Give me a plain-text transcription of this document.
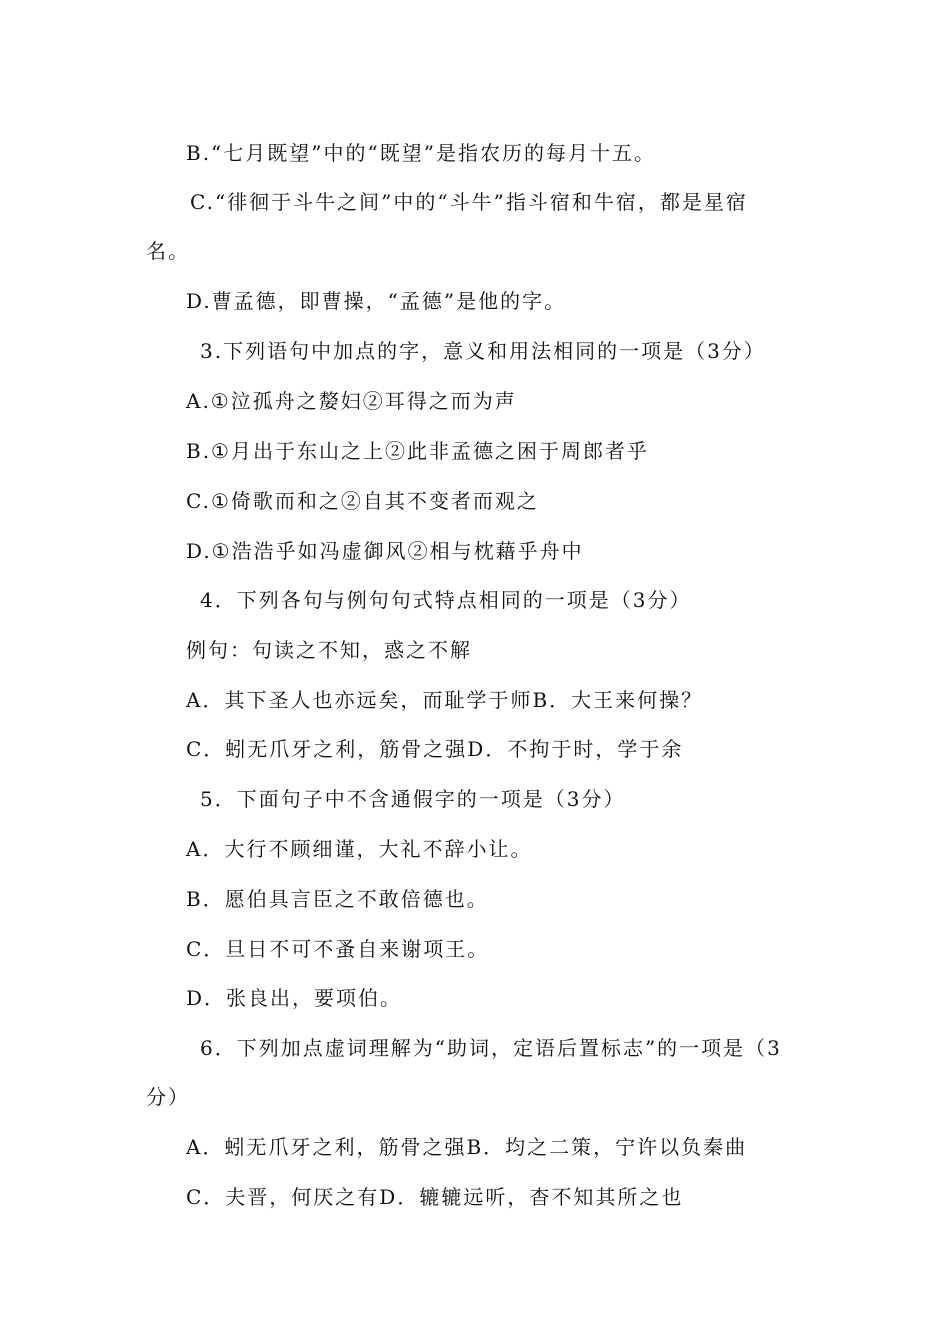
B.“七月既望”中的“既望”是指农历的每月十五。
C.“徘徊于斗牛之间”中的“斗牛”指斗宿和牛宿，都是星宿
名。
D.曹孟德，即曹操，“孟德”是他的字。
3.下列语句中加点的字，意义和用法相同的一项是（3分）
A.①泣孤舟之嫠妇②耳得之而为声
B.①月出于东山之上②此非孟德之困于周郎者乎
C.①倚歌而和之②自其不变者而观之
D.①浩浩乎如冯虚御风②相与枕藉乎舟中
4．下列各句与例句句式特点相同的一项是（3分）
例句：句读之不知，惑之不解
A．其下圣人也亦远矣，而耻学于师B．大王来何操？
C．蚓无爪牙之利，筋骨之强D．不拘于时，学于余
5．下面句子中不含通假字的一项是（3分）
A．大行不顾细谨，大礼不辞小让。
B．愿伯具言臣之不敢倍德也。
C．旦日不可不蚤自来谢项王。
D．张良出，要项伯。
6．下列加点虚词理解为“助词，定语后置标志”的一项是（3
分）
A．蚓无爪牙之利，筋骨之强B．均之二策，宁许以负秦曲
C．夫晋，何厌之有D．辘辘远听，杳不知其所之也
